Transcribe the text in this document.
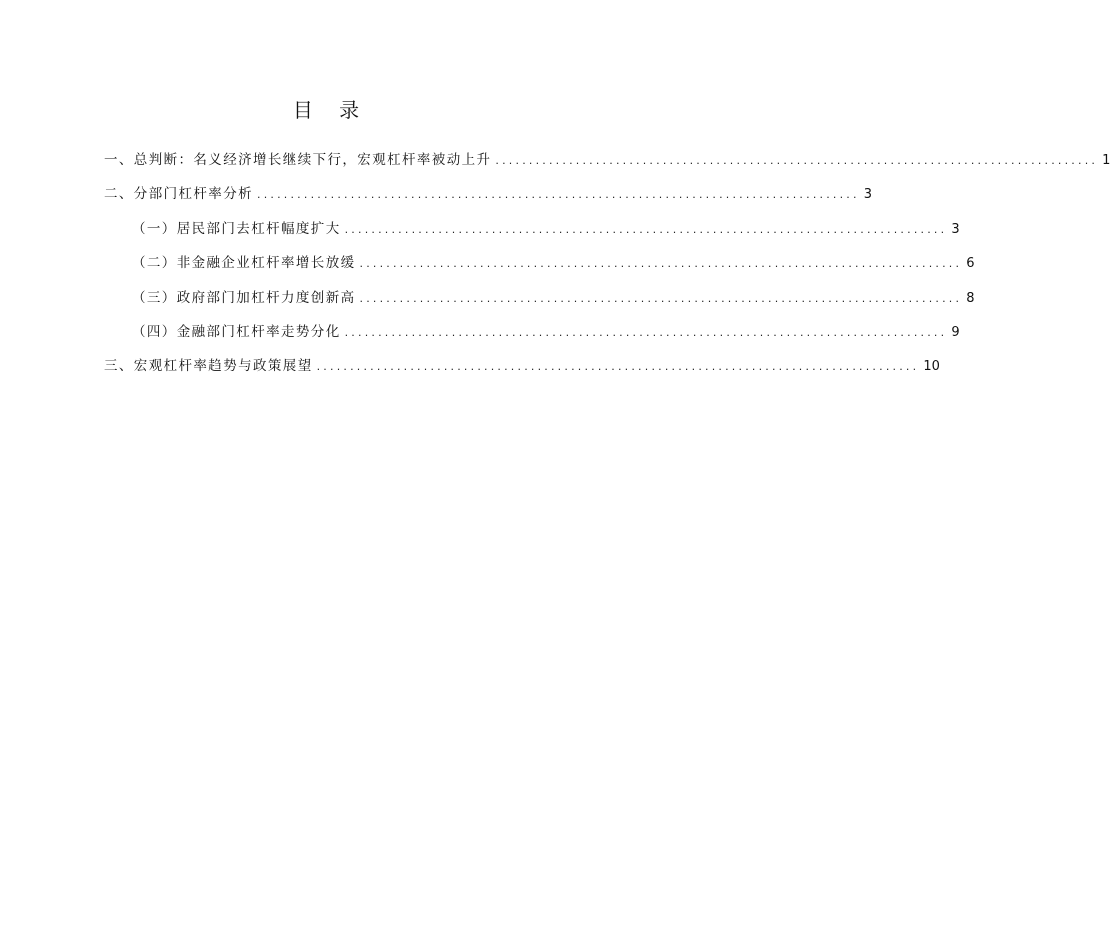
目 录
一、总判断：名义经济增长继续下行，宏观杠杆率被动上升 .......................................................................................... 1
二、分部门杠杆率分析 .......................................................................................... 3
（一）居民部门去杠杆幅度扩大 .......................................................................................... 3
（二）非金融企业杠杆率增长放缓 .......................................................................................... 6
（三）政府部门加杠杆力度创新高 .......................................................................................... 8
（四）金融部门杠杆率走势分化 .......................................................................................... 9
三、宏观杠杆率趋势与政策展望 .......................................................................................... 10
